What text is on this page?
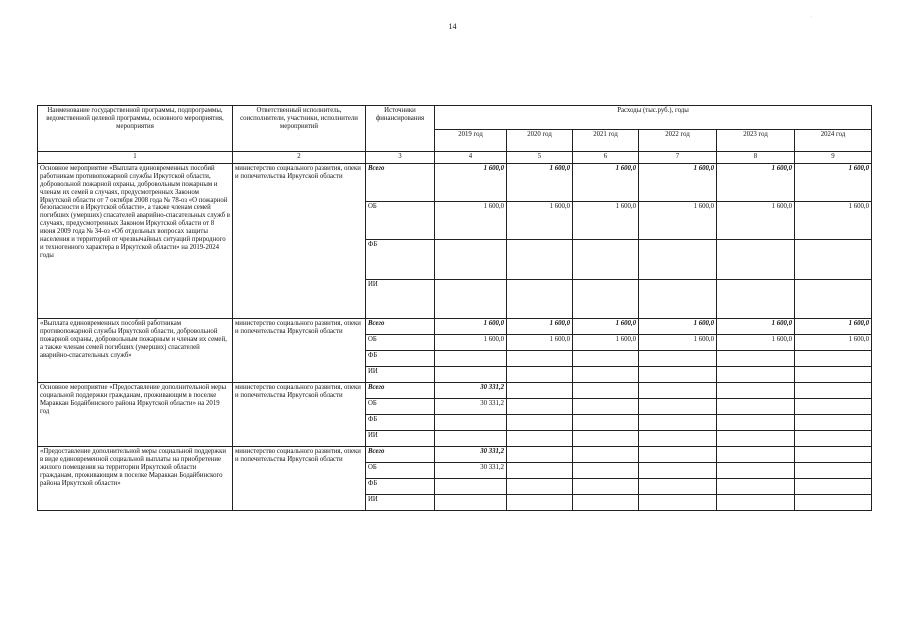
14
·
Наименование государственной программы, подпрограммы, ведомственной целевой программы, основного мероприятия, мероприятия	Ответственный исполнитель, соисполнители, участники, исполнители мероприятий	Источники финансирования	Расходы (тыс.руб.), годы					
			2019 год	2020 год	2021 год	2022 год	2023 год	2024 год
1	2	3	4	5	6	7	8	9
Основное мероприятие «Выплата единовременных пособий работникам противопожарной службы Иркутской области, добровольной пожарной охраны, добровольным пожарным и членам их семей в случаях, предусмотренных Законом Иркутской области от 7 октября 2008 года № 78-оз «О пожарной безопасности в Иркутской области», а также членам семей погибших (умерших) спасателей аварийно-спасательных служб в случаях, предусмотренных Законом Иркутской области от 8 июня 2009 года № 34-оз «Об отдельных вопросах защиты населения и территорий от чрезвычайных ситуаций природного и техногенного характера в Иркутской области» на 2019-2024 годы	министерство социального развития, опеки и попечительства Иркутской области	Всего	1 600,0	1 600,0	1 600,0	1 600,0	1 600,0	1 600,0
		ОБ	1 600,0	1 600,0	1 600,0	1 600,0	1 600,0	1 600,0
		ФБ						
		ИИ						
«Выплата единовременных пособий работникам противопожарной службы Иркутской области, добровольной пожарной охраны, добровольным пожарным и членам их семей, а также членам семей погибших (умерших) спасателей аварийно-спасательных служб»	министерство социального развития, опеки и попечительства Иркутской области	Всего	1 600,0	1 600,0	1 600,0	1 600,0	1 600,0	1 600,0
		ОБ	1 600,0	1 600,0	1 600,0	1 600,0	1 600,0	1 600,0
		ФБ						
		ИИ						
Основное мероприятие «Предоставление дополнительной меры социальной поддержки гражданам, проживающим в поселке Мараккан Бодайбинского района Иркутской области» на 2019 год	министерство социального развития, опеки и попечительства Иркутской области	Всего	30 331,2					
		ОБ	30 331,2					
		ФБ						
		ИИ						
«Предоставление дополнительной меры социальной поддержки в виде единовременной социальной выплаты на приобретение жилого помещения на территории Иркутской области гражданам, проживающим в поселке Мараккан Бодайбинского района Иркутской области»	министерство социального развития, опеки и попечительства Иркутской области	Всего	30 331,2					
		ОБ	30 331,2					
		ФБ						
		ИИ						
